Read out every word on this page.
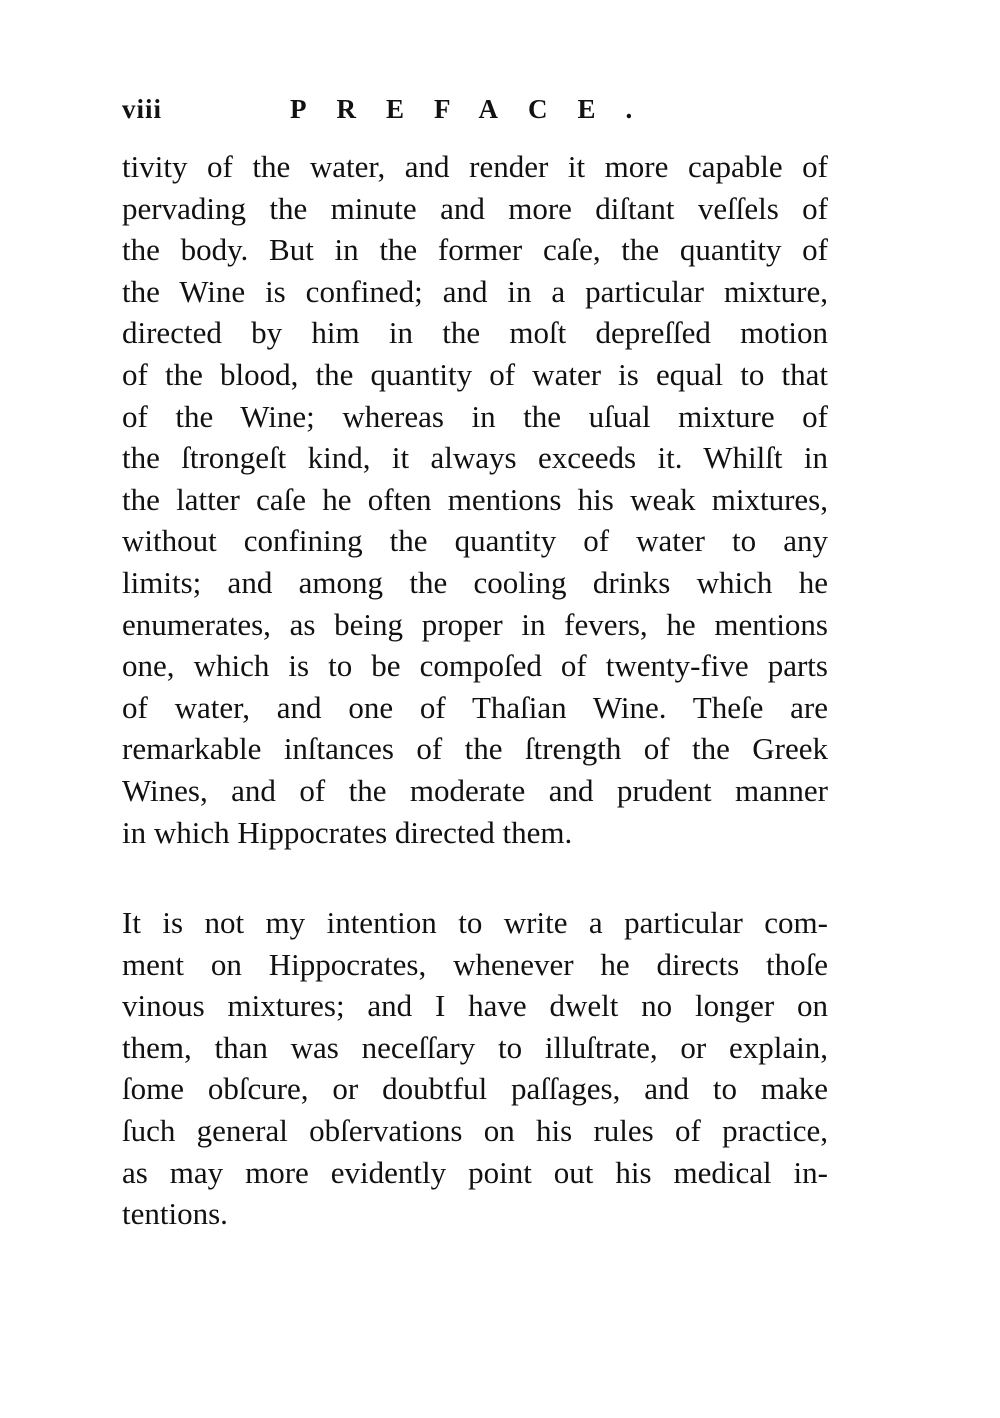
viii	PREFACE.
tivity of the water, and render it more capable of
pervading the minute and more diſtant veſſels of
the body. But in the former caſe, the quantity of
the Wine is confined; and in a particular mixture,
directed by him in the moſt depreſſed motion
of the blood, the quantity of water is equal to that
of the Wine; whereas in the uſual mixture of
the ſtrongeſt kind, it always exceeds it. Whilſt in
the latter caſe he often mentions his weak mixtures,
without confining the quantity of water to any
limits; and among the cooling drinks which he
enumerates, as being proper in fevers, he mentions
one, which is to be compoſed of twenty-five parts
of water, and one of Thaſian Wine. Theſe are
remarkable inſtances of the ſtrength of the Greek
Wines, and of the moderate and prudent manner
in which Hippocrates directed them.
It is not my intention to write a particular com-
ment on Hippocrates, whenever he directs thoſe
vinous mixtures; and I have dwelt no longer on
them, than was neceſſary to illuſtrate, or explain,
ſome obſcure, or doubtful paſſages, and to make
ſuch general obſervations on his rules of practice,
as may more evidently point out his medical in-
tentions.
